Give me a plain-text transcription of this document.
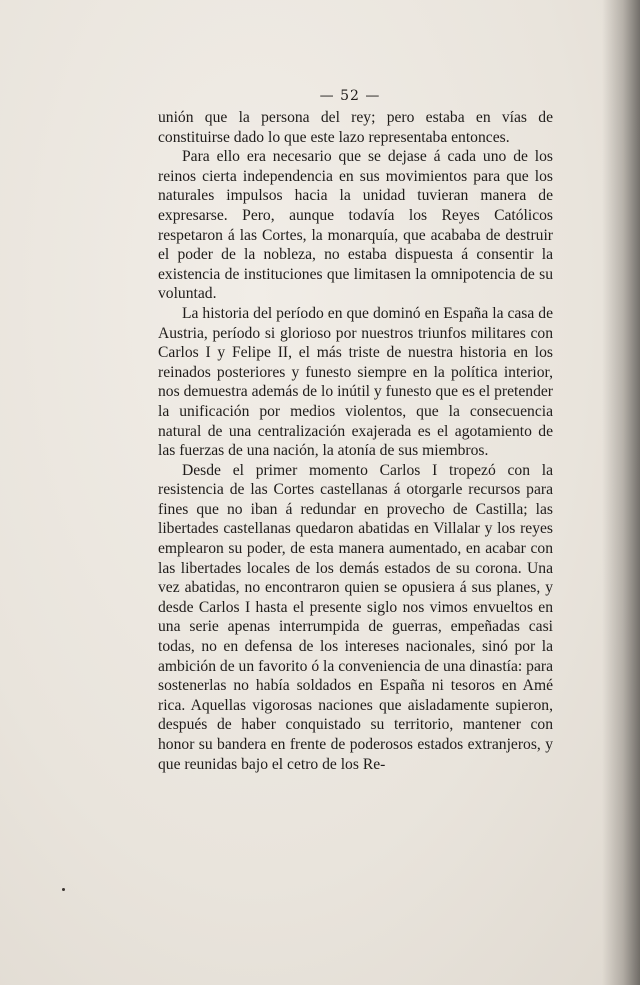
— 52 —

unión que la persona del rey; pero estaba en vías de constituirse dado lo que este lazo representaba entonces.

Para ello era necesario que se dejase á cada uno de los reinos cierta independencia en sus movimientos para que los naturales impulsos hacia la unidad tuvieran manera de expresarse. Pero, aunque todavía los Reyes Católicos respetaron á las Cortes, la monarquía, que acababa de destruir el poder de la nobleza, no estaba dispuesta á consentir la existencia de instituciones que limitasen la omnipotencia de su voluntad.

La historia del período en que dominó en España la casa de Austria, período si glorioso por nuestros triunfos militares con Carlos I y Felipe II, el más triste de nuestra historia en los reinados posteriores y funesto siempre en la política interior, nos demuestra además de lo inútil y funesto que es el pretender la unificación por medios violentos, que la consecuencia natural de una centralización exajerada es el agotamiento de las fuerzas de una nación, la atonía de sus miembros.

Desde el primer momento Carlos I tropezó con la resistencia de las Cortes castellanas á otorgarle recursos para fines que no iban á redundar en provecho de Castilla; las libertades castellanas quedaron abatidas en Villalar y los reyes emplearon su poder, de esta manera aumentado, en acabar con las libertades locales de los demás estados de su corona. Una vez abatidas, no encontraron quien se opusiera á sus planes, y desde Carlos I hasta el presente siglo nos vimos envueltos en una serie apenas interrumpida de guerras, empeñadas casi todas, no en defensa de los intereses nacionales, sinó por la ambición de un favorito ó la conveniencia de una dinastía: para sostenerlas no había soldados en España ni tesoros en Amé rica. Aquellas vigorosas naciones que aisladamente supieron, después de haber conquistado su territorio, mantener con honor su bandera en frente de poderosos estados extranjeros, y que reunidas bajo el cetro de los Re-
